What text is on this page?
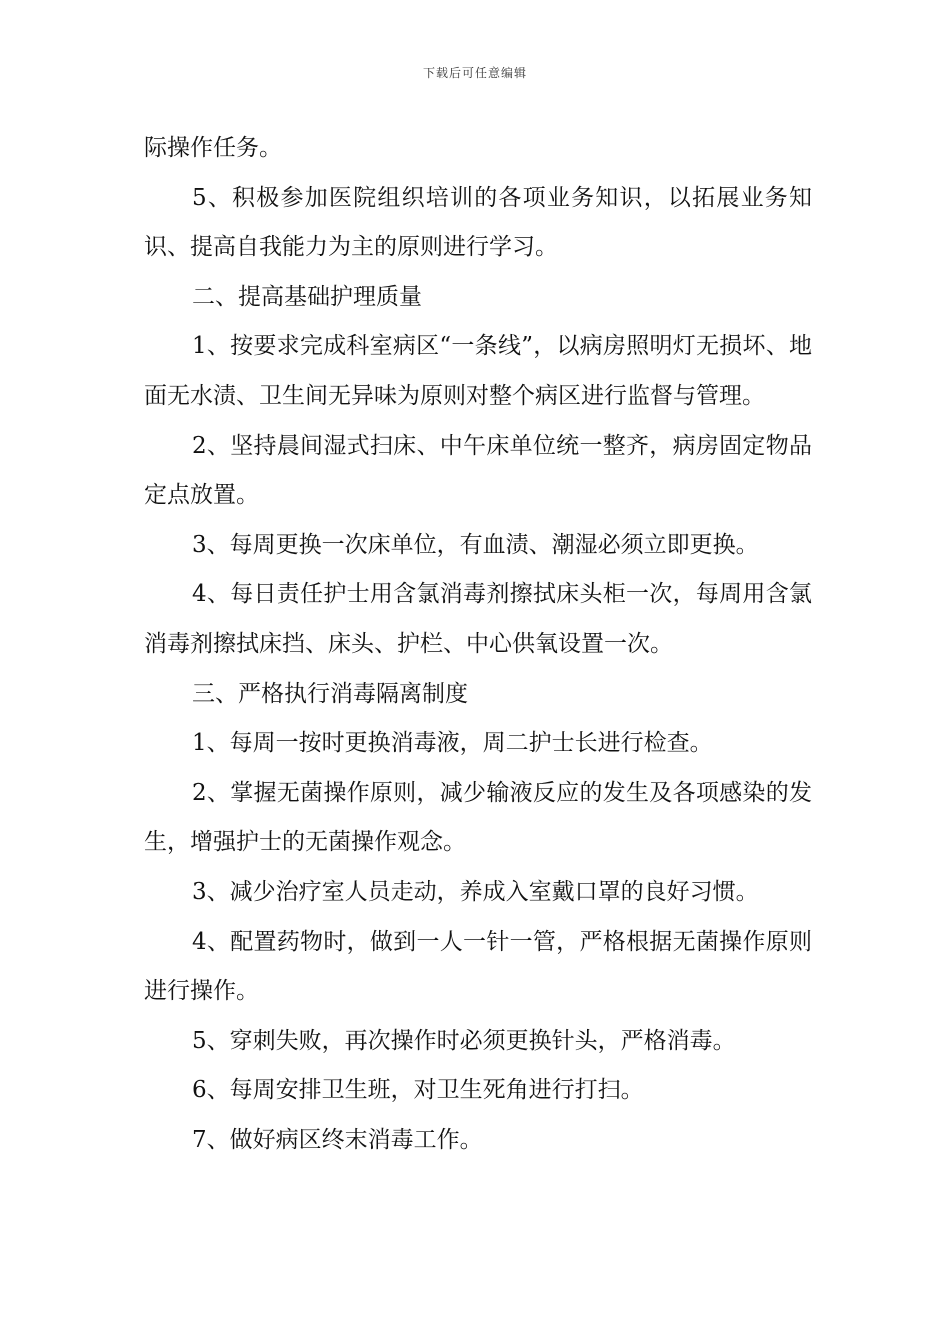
下载后可任意编辑

际操作任务。

5、积极参加医院组织培训的各项业务知识，以拓展业务知识、提高自我能力为主的原则进行学习。

二、提高基础护理质量

1、按要求完成科室病区“一条线”，以病房照明灯无损坏、地面无水渍、卫生间无异味为原则对整个病区进行监督与管理。

2、坚持晨间湿式扫床、中午床单位统一整齐，病房固定物品定点放置。

3、每周更换一次床单位，有血渍、潮湿必须立即更换。

4、每日责任护士用含氯消毒剂擦拭床头柜一次，每周用含氯消毒剂擦拭床挡、床头、护栏、中心供氧设置一次。

三、严格执行消毒隔离制度

1、每周一按时更换消毒液，周二护士长进行检查。

2、掌握无菌操作原则，减少输液反应的发生及各项感染的发生，增强护士的无菌操作观念。

3、减少治疗室人员走动，养成入室戴口罩的良好习惯。

4、配置药物时，做到一人一针一管，严格根据无菌操作原则进行操作。

5、穿刺失败，再次操作时必须更换针头，严格消毒。

6、每周安排卫生班，对卫生死角进行打扫。

7、做好病区终末消毒工作。
